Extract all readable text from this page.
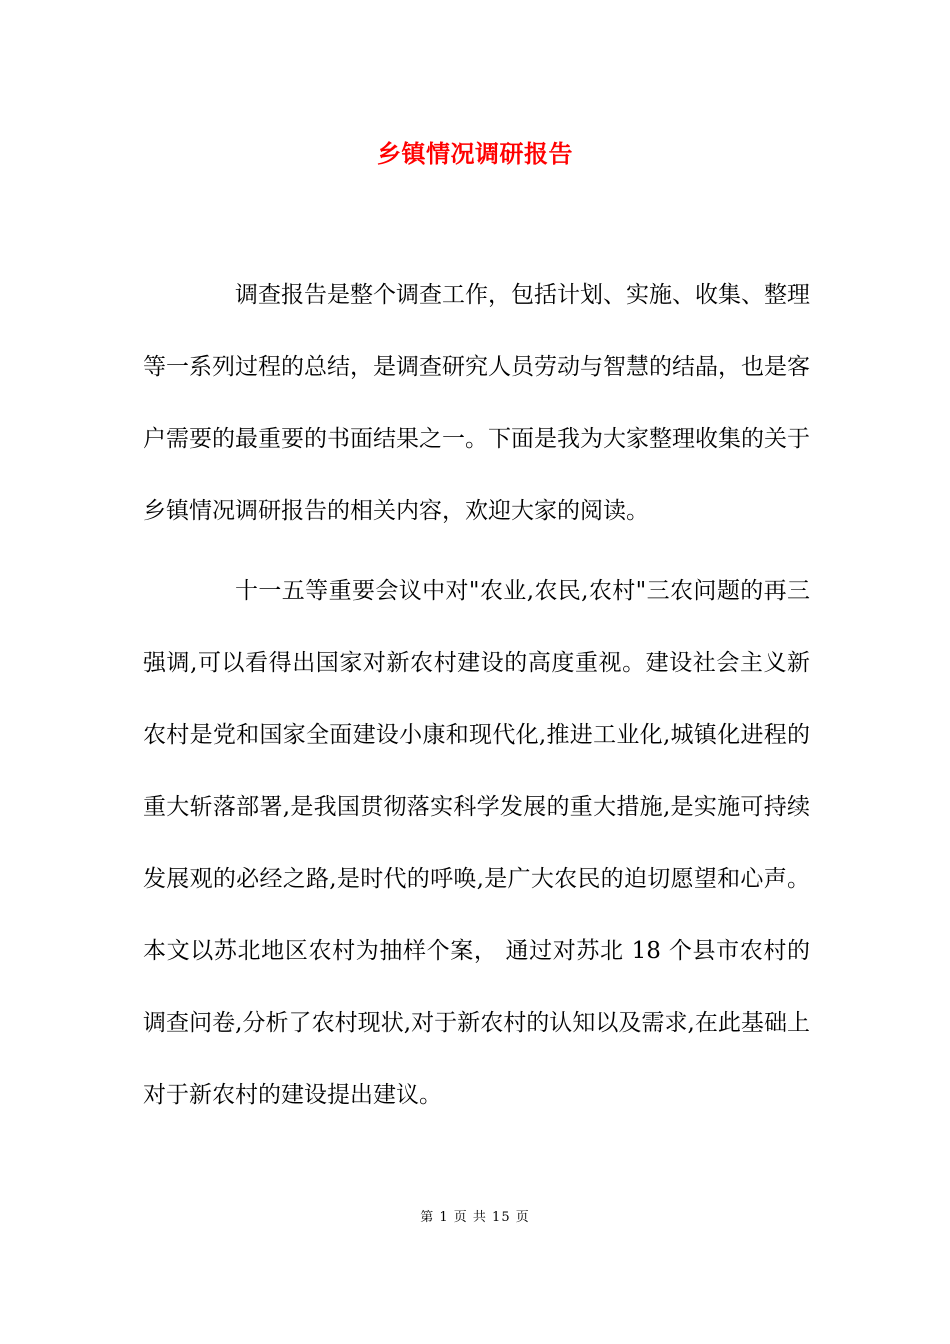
乡镇情况调研报告

调查报告是整个调查工作，包括计划、实施、收集、整理等一系列过程的总结，是调查研究人员劳动与智慧的结晶，也是客户需要的最重要的书面结果之一。下面是我为大家整理收集的关于乡镇情况调研报告的相关内容，欢迎大家的阅读。

十一五等重要会议中对"农业,农民,农村"三农问题的再三强调,可以看得出国家对新农村建设的高度重视。建设社会主义新农村是党和国家全面建设小康和现代化,推进工业化,城镇化进程的重大斩落部署,是我国贯彻落实科学发展的重大措施,是实施可持续发展观的必经之路,是时代的呼唤,是广大农民的迫切愿望和心声。本文以苏北地区农村为抽样个案， 通过对苏北 18 个县市农村的调查问卷,分析了农村现状,对于新农村的认知以及需求,在此基础上对于新农村的建设提出建议。

第 1 页 共 15 页
